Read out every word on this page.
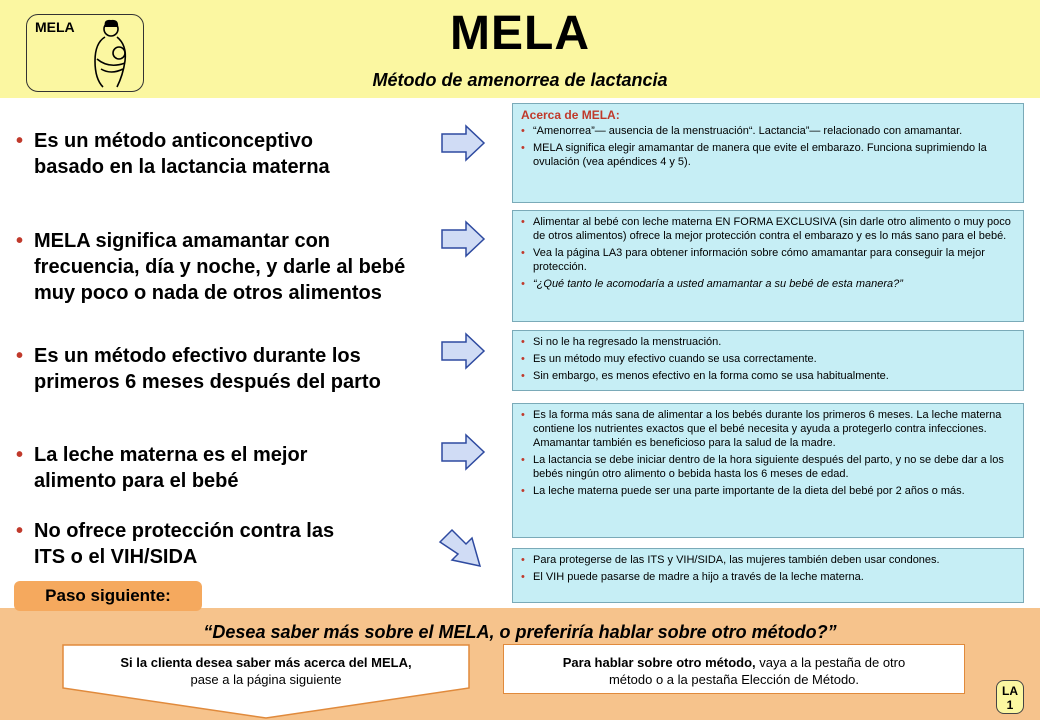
MELA	MELA
Método de amenorrea de lactancia
• Es un método anticonceptivo
basado en la lactancia materna
• MELA significa amamantar con
frecuencia, día y noche, y darle al bebé
muy poco o nada de otros alimentos
• Es un método efectivo durante los
primeros 6 meses después del parto
• La leche materna es el mejor
alimento para el bebé
• No ofrece protección contra las
ITS o el VIH/SIDA
Acerca de MELA:
• “Amenorrea”— ausencia de la menstruación“. Lactancia”— relacionado con amamantar.
• MELA significa elegir amamantar de manera que evite el embarazo. Funciona suprimiendo la ovulación (vea apéndices 4 y 5).
• Alimentar al bebé con leche materna EN FORMA EXCLUSIVA (sin darle otro alimento o muy poco de otros alimentos) ofrece la mejor protección contra el embarazo y es lo más sano para el bebé.
• Vea la página LA3 para obtener información sobre cómo amamantar para conseguir la mejor protección.
• “¿Qué tanto le acomodaría a usted amamantar a su bebé de esta manera?”
• Si no le ha regresado la menstruación.
• Es un método muy efectivo cuando se usa correctamente.
• Sin embargo, es menos efectivo en la forma como se usa habitualmente.
• Es la forma más sana de alimentar a los bebés durante los primeros 6 meses. La leche materna contiene los nutrientes exactos que el bebé necesita y ayuda a protegerlo contra infecciones. Amamantar también es beneficioso para la salud de la madre.
• La lactancia se debe iniciar dentro de la hora siguiente después del parto, y no se debe dar a los bebés ningún otro alimento o bebida hasta los 6 meses de edad.
• La leche materna puede ser una parte importante de la dieta del bebé por 2 años o más.
• Para protegerse de las ITS y VIH/SIDA, las mujeres también deben usar condones.
• El VIH puede pasarse de madre a hijo a través de la leche materna.
Paso siguiente:
“Desea saber más sobre el MELA, o preferiría hablar sobre otro método?”
Si la clienta desea saber más acerca del MELA,
pase a la página siguiente
Para hablar sobre otro método, vaya a la pestaña de otro
método o a la pestaña Elección de Método.
LA
1
